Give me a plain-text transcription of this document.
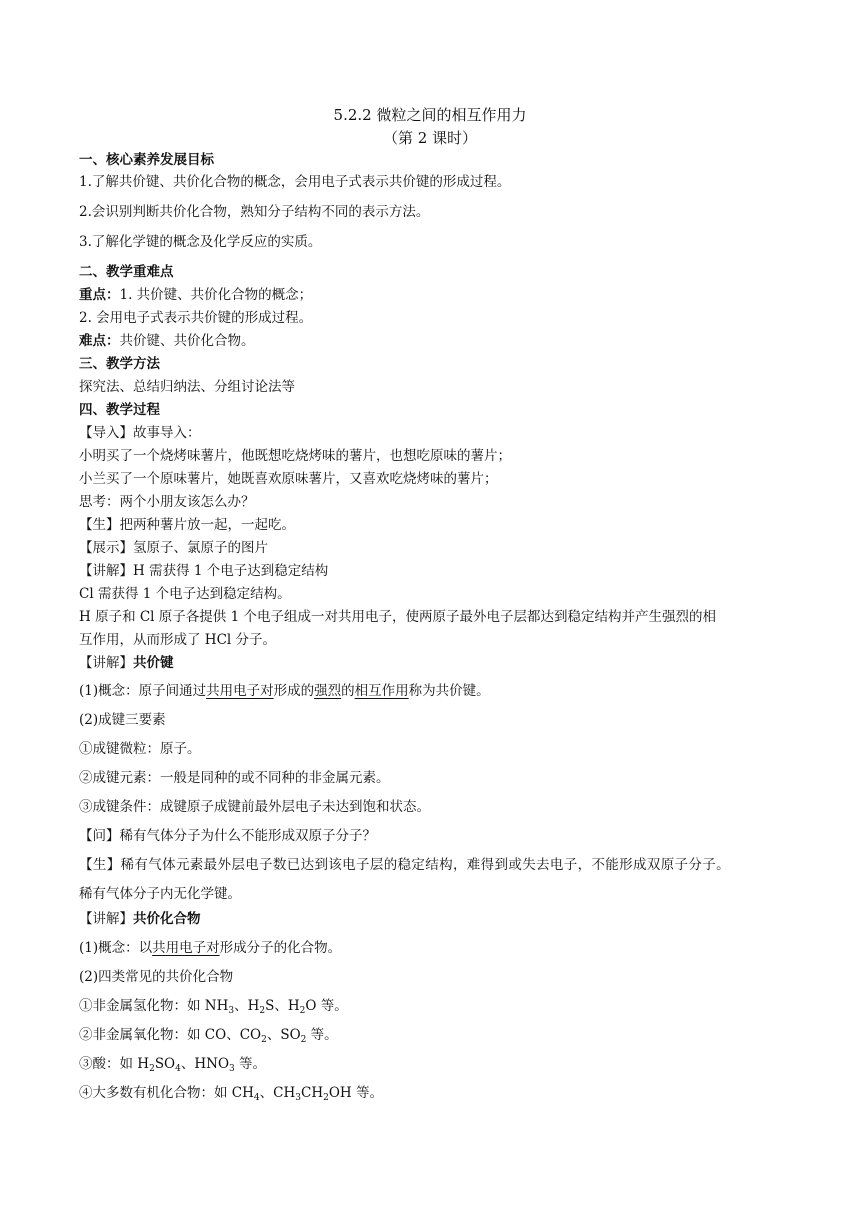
5.2.2 微粒之间的相互作用力
（第 2 课时）
一、核心素养发展目标
1.了解共价键、共价化合物的概念，会用电子式表示共价键的形成过程。
2.会识别判断共价化合物，熟知分子结构不同的表示方法。
3.了解化学键的概念及化学反应的实质。
二、教学重难点
重点：1. 共价键、共价化合物的概念；
2. 会用电子式表示共价键的形成过程。
难点：共价键、共价化合物。
三、教学方法
探究法、总结归纳法、分组讨论法等
四、教学过程
【导入】故事导入：
小明买了一个烧烤味薯片，他既想吃烧烤味的薯片，也想吃原味的薯片；
小兰买了一个原味薯片，她既喜欢原味薯片，又喜欢吃烧烤味的薯片；
思考：两个小朋友该怎么办？
【生】把两种薯片放一起，一起吃。
【展示】氢原子、氯原子的图片
【讲解】H 需获得 1 个电子达到稳定结构
Cl 需获得 1 个电子达到稳定结构。
H 原子和 Cl 原子各提供 1 个电子组成一对共用电子，使两原子最外电子层都达到稳定结构并产生强烈的相
互作用，从而形成了 HCl 分子。
【讲解】共价键
(1)概念：原子间通过共用电子对形成的强烈的相互作用称为共价键。
(2)成键三要素
①成键微粒：原子。
②成键元素：一般是同种的或不同种的非金属元素。
③成键条件：成键原子成键前最外层电子未达到饱和状态。
【问】稀有气体分子为什么不能形成双原子分子？
【生】稀有气体元素最外层电子数已达到该电子层的稳定结构，难得到或失去电子，不能形成双原子分子。
稀有气体分子内无化学键。
【讲解】共价化合物
(1)概念：以共用电子对形成分子的化合物。
(2)四类常见的共价化合物
①非金属氢化物：如 $NH_3$、$H_2S$、$H_2O$ 等。
②非金属氧化物：如 CO、$CO_2$、$SO_2$ 等。
③酸：如 $H_2SO_4$、$HNO_3$ 等。
④大多数有机化合物：如 $CH_4$、$CH_3CH_2OH$ 等。
